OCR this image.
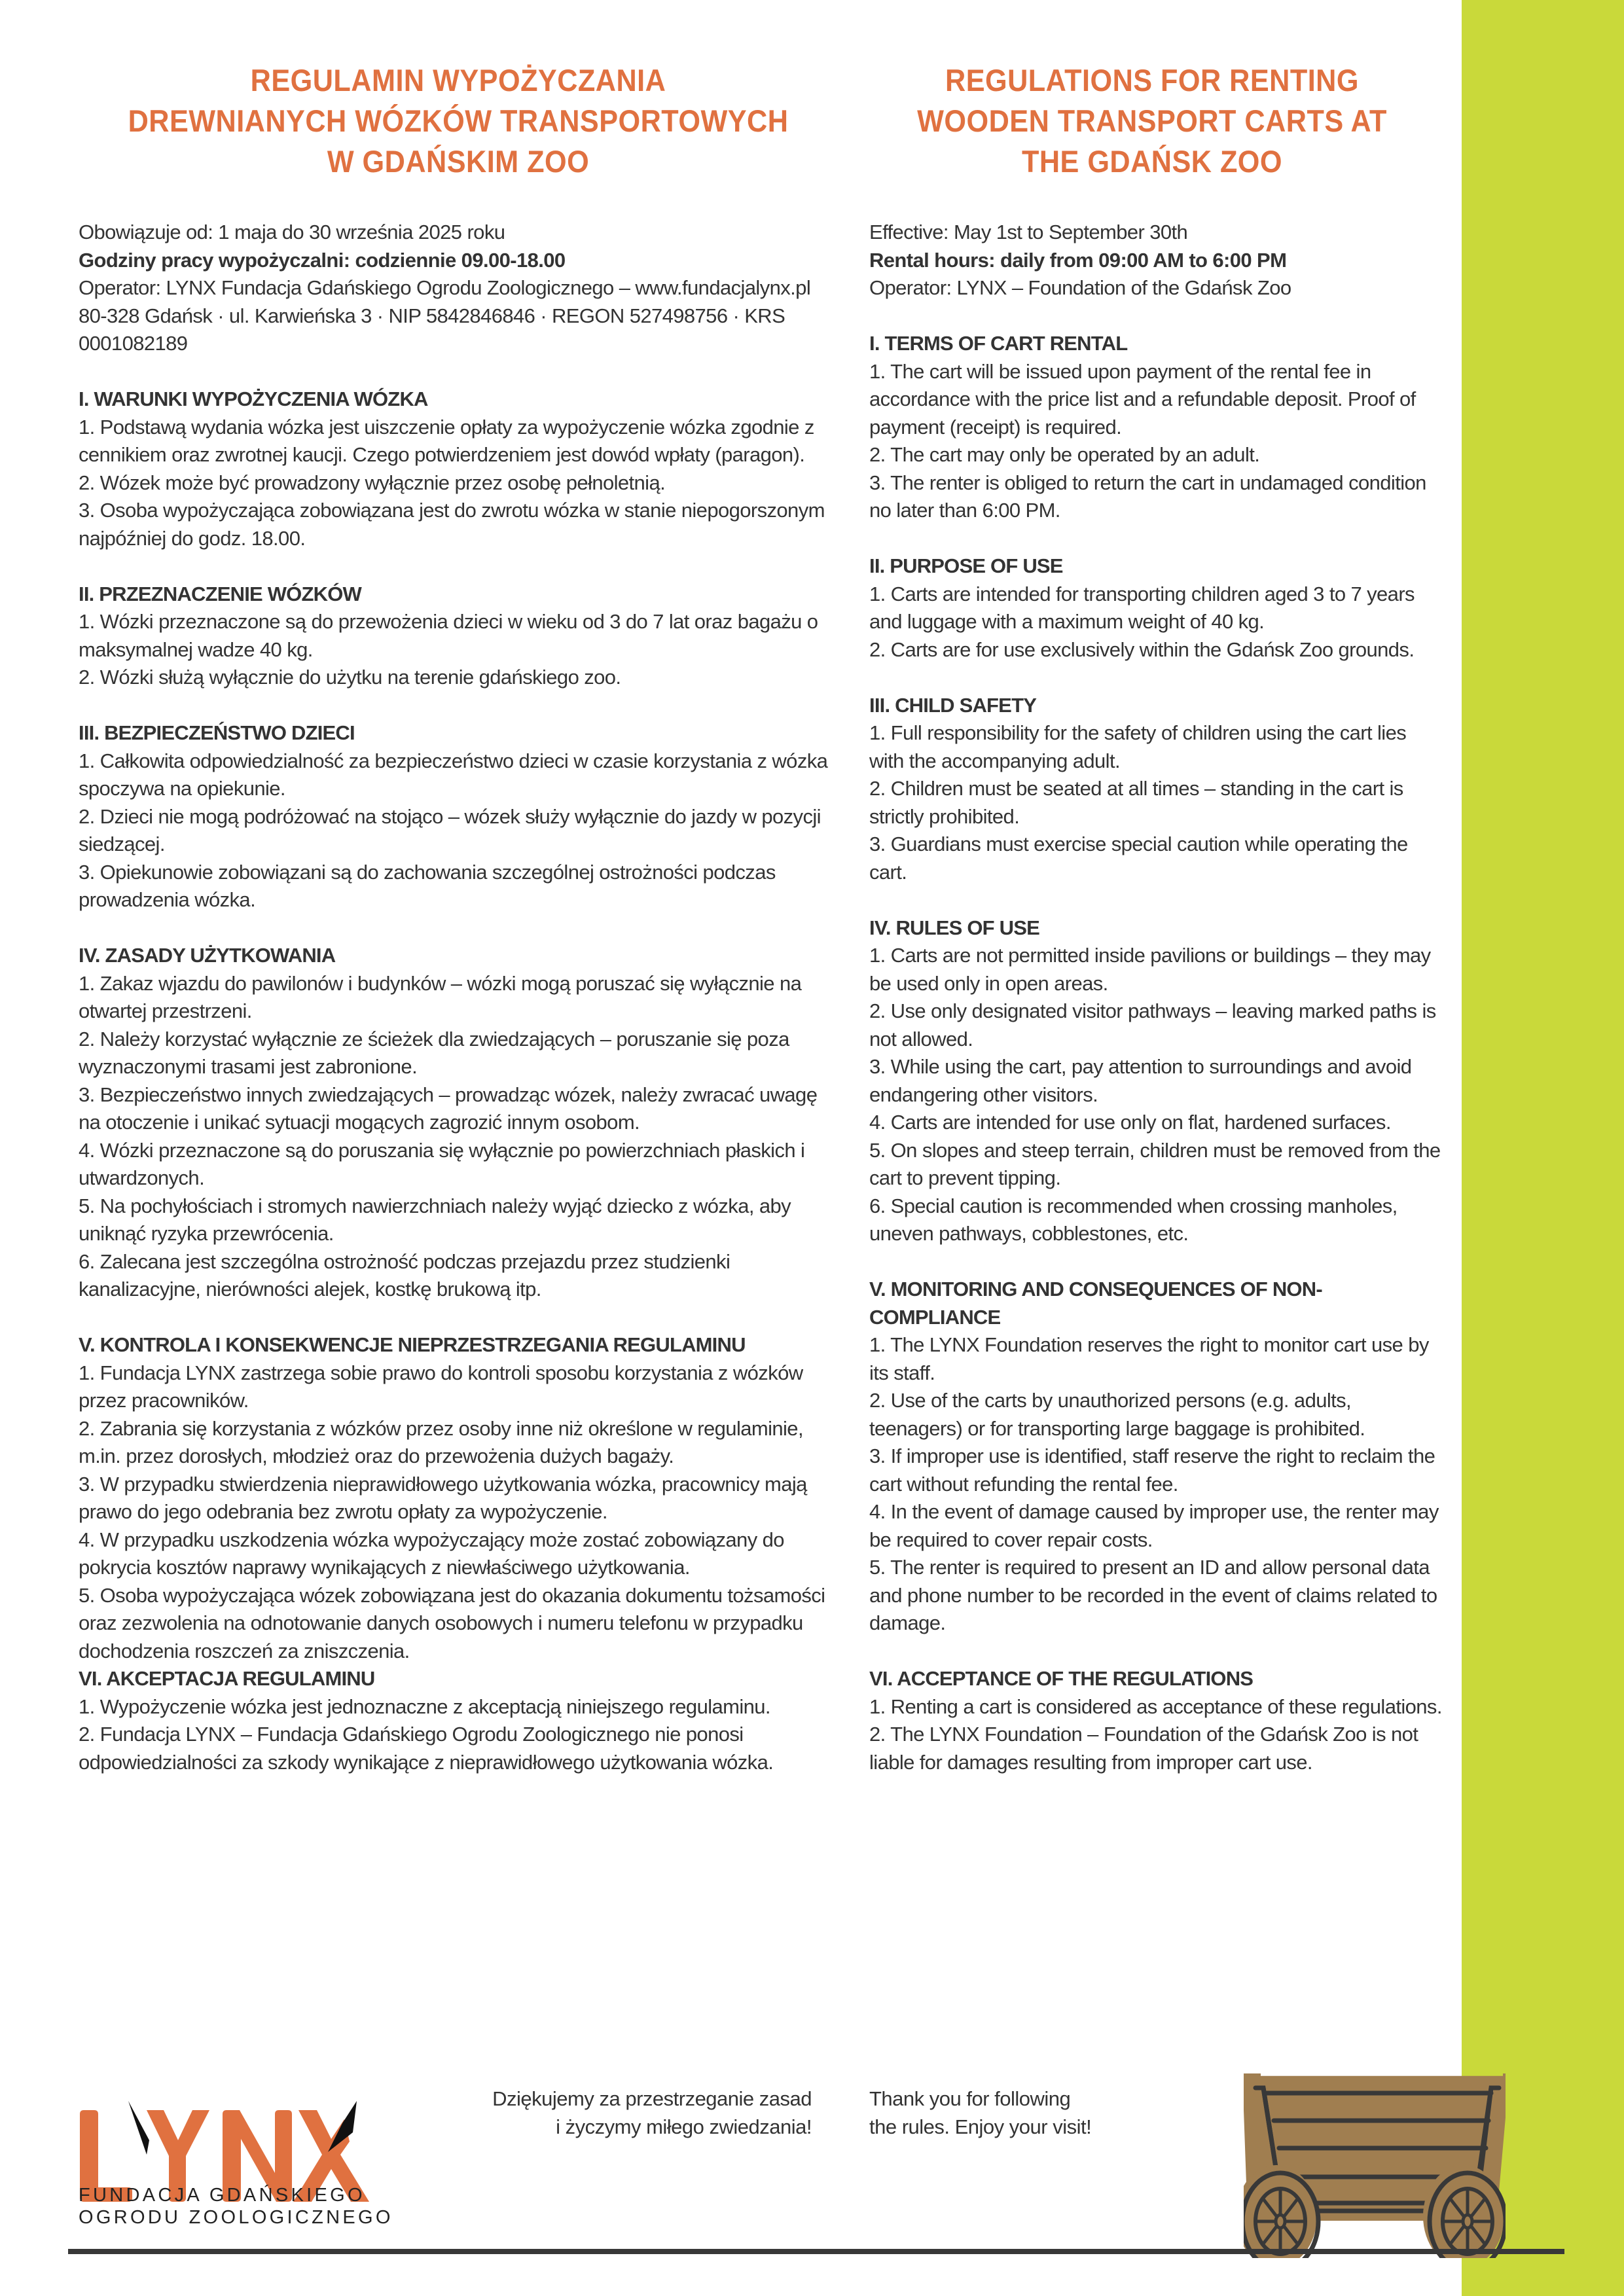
REGULAMIN WYPOŻYCZANIA
DREWNIANYCH WÓZKÓW TRANSPORTOWYCH
W GDAŃSKIM ZOO
Obowiązuje od: 1 maja do 30 września 2025 roku
Godziny pracy wypożyczalni: codziennie 09.00-18.00
Operator: LYNX Fundacja Gdańskiego Ogrodu Zoologicznego – www.fundacjalynx.pl
80-328 Gdańsk · ul. Karwieńska 3 · NIP 5842846846 · REGON 527498756 · KRS 0001082189
I. WARUNKI WYPOŻYCZENIA WÓZKA
1. Podstawą wydania wózka jest uiszczenie opłaty za wypożyczenie wózka zgodnie z cennikiem oraz zwrotnej kaucji. Czego potwierdzeniem jest dowód wpłaty (paragon).
2. Wózek może być prowadzony wyłącznie przez osobę pełnoletnią.
3. Osoba wypożyczająca zobowiązana jest do zwrotu wózka w stanie niepogorszonym najpóźniej do godz. 18.00.
II. PRZEZNACZENIE WÓZKÓW
1. Wózki przeznaczone są do przewożenia dzieci w wieku od 3 do 7 lat oraz bagażu o maksymalnej wadze 40 kg.
2. Wózki służą wyłącznie do użytku na terenie gdańskiego zoo.
III. BEZPIECZEŃSTWO DZIECI
1. Całkowita odpowiedzialność za bezpieczeństwo dzieci w czasie korzystania z wózka spoczywa na opiekunie.
2. Dzieci nie mogą podróżować na stojąco – wózek służy wyłącznie do jazdy w pozycji siedzącej.
3. Opiekunowie zobowiązani są do zachowania szczególnej ostrożności podczas prowadzenia wózka.
IV. ZASADY UŻYTKOWANIA
1. Zakaz wjazdu do pawilonów i budynków – wózki mogą poruszać się wyłącznie na otwartej przestrzeni.
2. Należy korzystać wyłącznie ze ścieżek dla zwiedzających – poruszanie się poza wyznaczonymi trasami jest zabronione.
3. Bezpieczeństwo innych zwiedzających – prowadząc wózek, należy zwracać uwagę na otoczenie i unikać sytuacji mogących zagrozić innym osobom.
4. Wózki przeznaczone są do poruszania się wyłącznie po powierzchniach płaskich i utwardzonych.
5. Na pochyłościach i stromych nawierzchniach należy wyjąć dziecko z wózka, aby uniknąć ryzyka przewrócenia.
6. Zalecana jest szczególna ostrożność podczas przejazdu przez studzienki kanalizacyjne, nierówności alejek, kostkę brukową itp.
V. KONTROLA I KONSEKWENCJE NIEPRZESTRZEGANIA REGULAMINU
1. Fundacja LYNX zastrzega sobie prawo do kontroli sposobu korzystania z wózków przez pracowników.
2. Zabrania się korzystania z wózków przez osoby inne niż określone w regulaminie, m.in. przez dorosłych, młodzież oraz do przewożenia dużych bagaży.
3. W przypadku stwierdzenia nieprawidłowego użytkowania wózka, pracownicy mają prawo do jego odebrania bez zwrotu opłaty za wypożyczenie.
4. W przypadku uszkodzenia wózka wypożyczający może zostać zobowiązany do pokrycia kosztów naprawy wynikających z niewłaściwego użytkowania.
5. Osoba wypożyczająca wózek zobowiązana jest do okazania dokumentu tożsamości oraz zezwolenia na odnotowanie danych osobowych i numeru telefonu w przypadku dochodzenia roszczeń za zniszczenia.
VI. AKCEPTACJA REGULAMINU
1. Wypożyczenie wózka jest jednoznaczne z akceptacją niniejszego regulaminu.
2. Fundacja LYNX – Fundacja Gdańskiego Ogrodu Zoologicznego nie ponosi odpowiedzialności za szkody wynikające z nieprawidłowego użytkowania wózka.
REGULATIONS FOR RENTING
WOODEN TRANSPORT CARTS AT
THE GDAŃSK ZOO
Effective: May 1st to September 30th
Rental hours: daily from 09:00 AM to 6:00 PM
Operator: LYNX – Foundation of the Gdańsk Zoo
I. TERMS OF CART RENTAL
1. The cart will be issued upon payment of the rental fee in accordance with the price list and a refundable deposit. Proof of payment (receipt) is required.
2. The cart may only be operated by an adult.
3. The renter is obliged to return the cart in undamaged condition no later than 6:00 PM.
II. PURPOSE OF USE
1. Carts are intended for transporting children aged 3 to 7 years and luggage with a maximum weight of 40 kg.
2. Carts are for use exclusively within the Gdańsk Zoo grounds.
III. CHILD SAFETY
1. Full responsibility for the safety of children using the cart lies with the accompanying adult.
2. Children must be seated at all times – standing in the cart is strictly prohibited.
3. Guardians must exercise special caution while operating the cart.
IV. RULES OF USE
1. Carts are not permitted inside pavilions or buildings – they may be used only in open areas.
2. Use only designated visitor pathways – leaving marked paths is not allowed.
3. While using the cart, pay attention to surroundings and avoid endangering other visitors.
4. Carts are intended for use only on flat, hardened surfaces.
5. On slopes and steep terrain, children must be removed from the cart to prevent tipping.
6. Special caution is recommended when crossing manholes, uneven pathways, cobblestones, etc.
V. MONITORING AND CONSEQUENCES OF NON-COMPLIANCE
1. The LYNX Foundation reserves the right to monitor cart use by its staff.
2. Use of the carts by unauthorized persons (e.g. adults, teenagers) or for transporting large baggage is prohibited.
3. If improper use is identified, staff reserve the right to reclaim the cart without refunding the rental fee.
4. In the event of damage caused by improper use, the renter may be required to cover repair costs.
5. The renter is required to present an ID and allow personal data and phone number to be recorded in the event of claims related to damage.
VI. ACCEPTANCE OF THE REGULATIONS
1. Renting a cart is considered as acceptance of these regulations.
2. The LYNX Foundation – Foundation of the Gdańsk Zoo is not liable for damages resulting from improper cart use.
FUNDACJA GDAŃSKIEGO
OGRODU ZOOLOGICZNEGO
Dziękujemy za przestrzeganie zasad
i życzymy miłego zwiedzania!
Thank you for following
the rules. Enjoy your visit!
